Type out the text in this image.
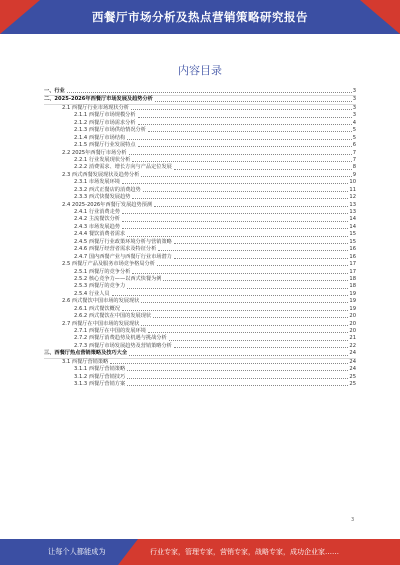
西餐厅市场分析及热点营销策略研究报告
内容目录
一、行业	3
二、2025-2026年西餐厅市场发展及趋势分析	3
2.1 西餐厅行业市场现状分析	3
2.1.1 西餐厅市场规模分析	3
2.1.2 西餐厅市场需求分析	4
2.1.3 西餐厅市场供给情况分析	5
2.1.4 西餐厅市场结构	5
2.1.5 西餐厅行业发展特点	6
2.2 2025年西餐厅市场分析	7
2.2.1 行业发展现状分析	7
2.2.2 消费需求、增长方向与产品定位发展	8
2.3 西式西餐发展现状及趋势分析	9
2.3.1 市场发展环境	10
2.3.2 西式正餐店的消费趋势	11
2.3.3 西式快餐发展趋势	12
2.4 2025-2026年西餐厅发展趋势预测	13
2.4.1 行业消费走势	13
2.4.2 主流餐饮分析	14
2.4.3 市场发展趋势	14
2.4.4 餐饮消费者需求	15
2.4.5 西餐厅行业政策环境分析与营销策略	15
2.4.6 西餐厅经营者需求及特征分析	16
2.4.7 国内西餐产业与西餐厅行业市场潜力	16
2.5 西餐厅产品及服务市场竞争格局分析	17
2.5.1 西餐厅的竞争分析	17
2.5.2 核心竞争力——以西式快餐为例	18
2.5.3 西餐厅的竞争力	18
2.5.4 行业人员	19
2.6 西式餐饮中国市场的发展现状	19
2.6.1 西式餐饮概况	19
2.6.2 西式餐饮在中国的发展现状	20
2.7 西餐厅在中国市场的发展现状	20
2.7.1 西餐厅在中国的发展环境	20
2.7.2 西餐厅消费趋势及机遇与挑战分析	21
2.7.3 西餐厅市场发展趋势及营销策略分析	22
三、西餐厅热点营销策略及技巧大全	24
3.1 西餐厅营销策略	24
3.1.1 西餐厅营销策略	24
3.1.2 西餐厅营销技巧	25
3.1.3 西餐厅营销方案	25
3
让每个人都能成为	行业专家，管理专家，营销专家，战略专家，成功企业家……
